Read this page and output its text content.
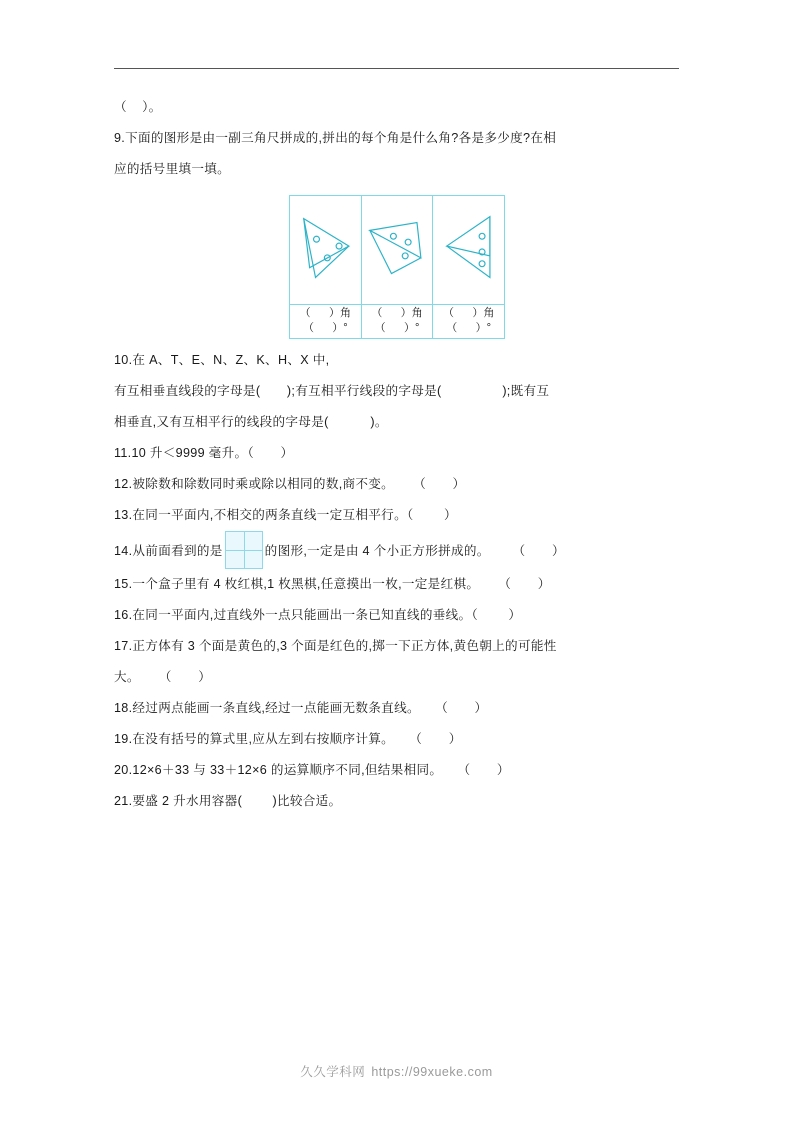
（    ）。

9.下面的图形是由一副三角尺拼成的,拼出的每个角是什么角?各是多少度?在相

应的括号里填一填。

（      ）角
（      ）°
（      ）角
（      ）°
（      ）角
（      ）°

10.在 A、T、E、N、Z、K、H、X 中,

有互相垂直线段的字母是(       );有互相平行线段的字母是(                );既有互

相垂直,又有互相平行的线段的字母是(           )。

11.10 升＜9999 毫升。（       ）

12.被除数和除数同时乘或除以相同的数,商不变。     （       ）

13.在同一平面内,不相交的两条直线一定互相平行。（        ）

14.从前面看到的是	的图形,一定是由 4 个小正方形拼成的。      （       ）

15.一个盒子里有 4 枚红棋,1 枚黑棋,任意摸出一枚,一定是红棋。     （       ）

16.在同一平面内,过直线外一点只能画出一条已知直线的垂线。（        ）

17.正方体有 3 个面是黄色的,3 个面是红色的,掷一下正方体,黄色朝上的可能性

大。     （       ）

18.经过两点能画一条直线,经过一点能画无数条直线。    （       ）

19.在没有括号的算式里,应从左到右按顺序计算。    （       ）

20.12×6＋33 与 33＋12×6 的运算顺序不同,但结果相同。    （       ）

21.要盛 2 升水用容器(        )比较合适。

久久学科网 https://99xueke.com
